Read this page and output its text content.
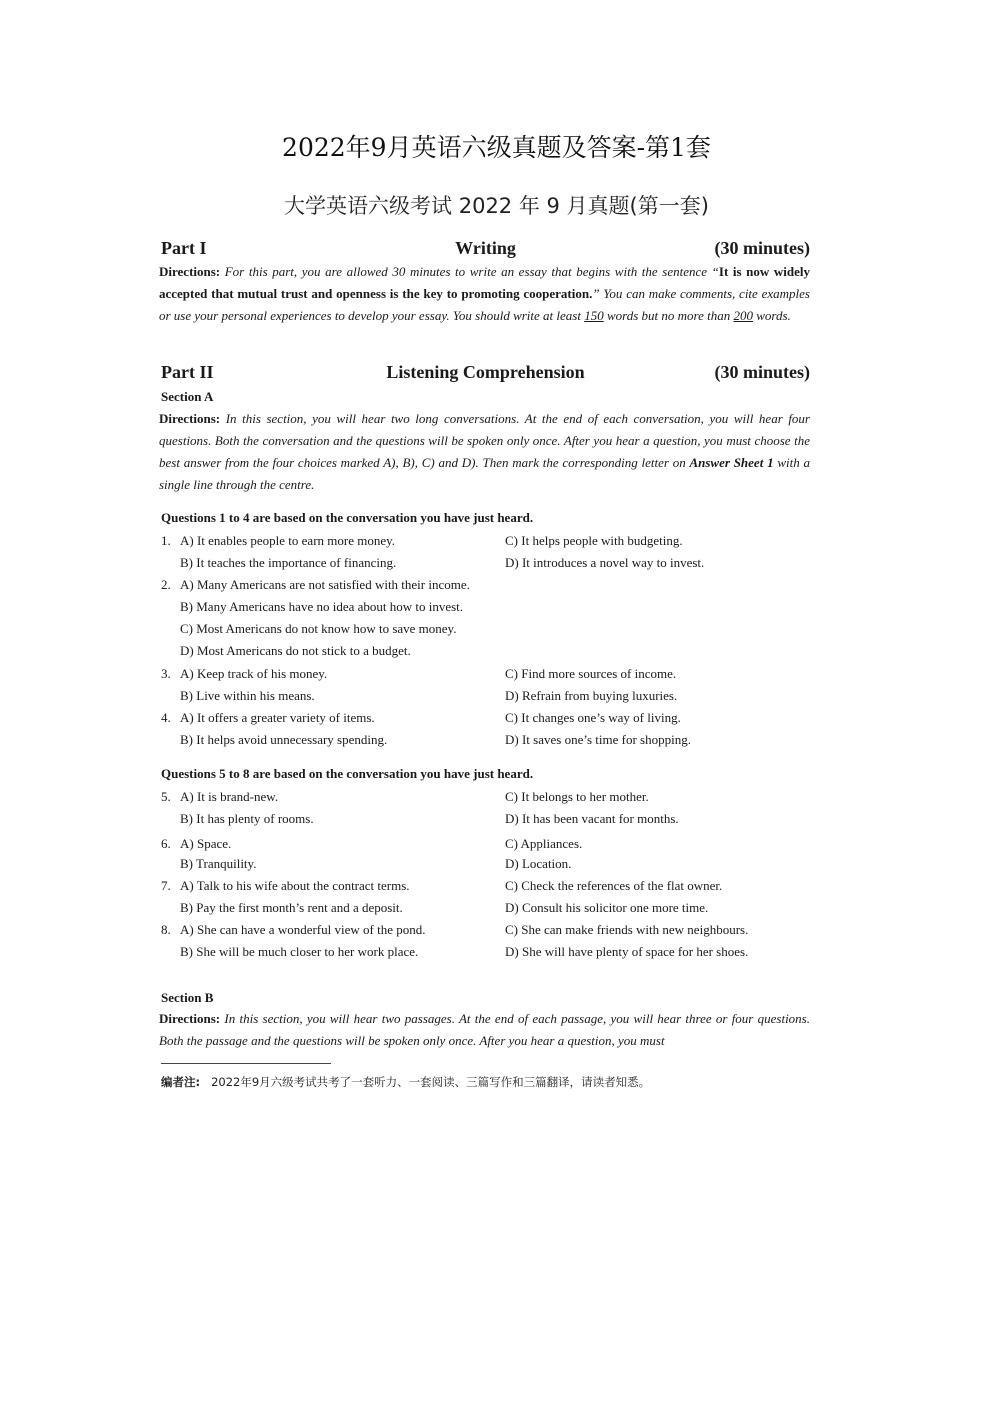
2022年9月英语六级真题及答案-第1套
大学英语六级考试 2022 年 9 月真题(第一套)
Part I	Writing	(30 minutes)
Directions: For this part, you are allowed 30 minutes to write an essay that begins with the sentence “It is now widely accepted that mutual trust and openness is the key to promoting cooperation.” You can make comments, cite examples or use your personal experiences to develop your essay. You should write at least 150 words but no more than 200 words.
Part II	Listening Comprehension	(30 minutes)
Section A
Directions: In this section, you will hear two long conversations. At the end of each conversation, you will hear four questions. Both the conversation and the questions will be spoken only once. After you hear a question, you must choose the best answer from the four choices marked A), B), C) and D). Then mark the corresponding letter on Answer Sheet 1 with a single line through the centre.
Questions 1 to 4 are based on the conversation you have just heard.
1. A) It enables people to earn more money.	C) It helps people with budgeting.
B) It teaches the importance of financing.	D) It introduces a novel way to invest.
2. A) Many Americans are not satisfied with their income.
B) Many Americans have no idea about how to invest.
C) Most Americans do not know how to save money.
D) Most Americans do not stick to a budget.
3. A) Keep track of his money.	C) Find more sources of income.
B) Live within his means.	D) Refrain from buying luxuries.
4. A) It offers a greater variety of items.	C) It changes one’s way of living.
B) It helps avoid unnecessary spending.	D) It saves one’s time for shopping.
Questions 5 to 8 are based on the conversation you have just heard.
5. A) It is brand-new.	C) It belongs to her mother.
B) It has plenty of rooms.	D) It has been vacant for months.
6. A) Space.	C) Appliances.
B) Tranquility.	D) Location.
7. A) Talk to his wife about the contract terms.	C) Check the references of the flat owner.
B) Pay the first month’s rent and a deposit.	D) Consult his solicitor one more time.
8. A) She can have a wonderful view of the pond.	C) She can make friends with new neighbours.
B) She will be much closer to her work place.	D) She will have plenty of space for her shoes.
Section B
Directions: In this section, you will hear two passages. At the end of each passage, you will hear three or four questions. Both the passage and the questions will be spoken only once. After you hear a question, you must
编者注: 2022年9月六级考试共考了一套听力、一套阅读、三篇写作和三篇翻译，请读者知悉。
